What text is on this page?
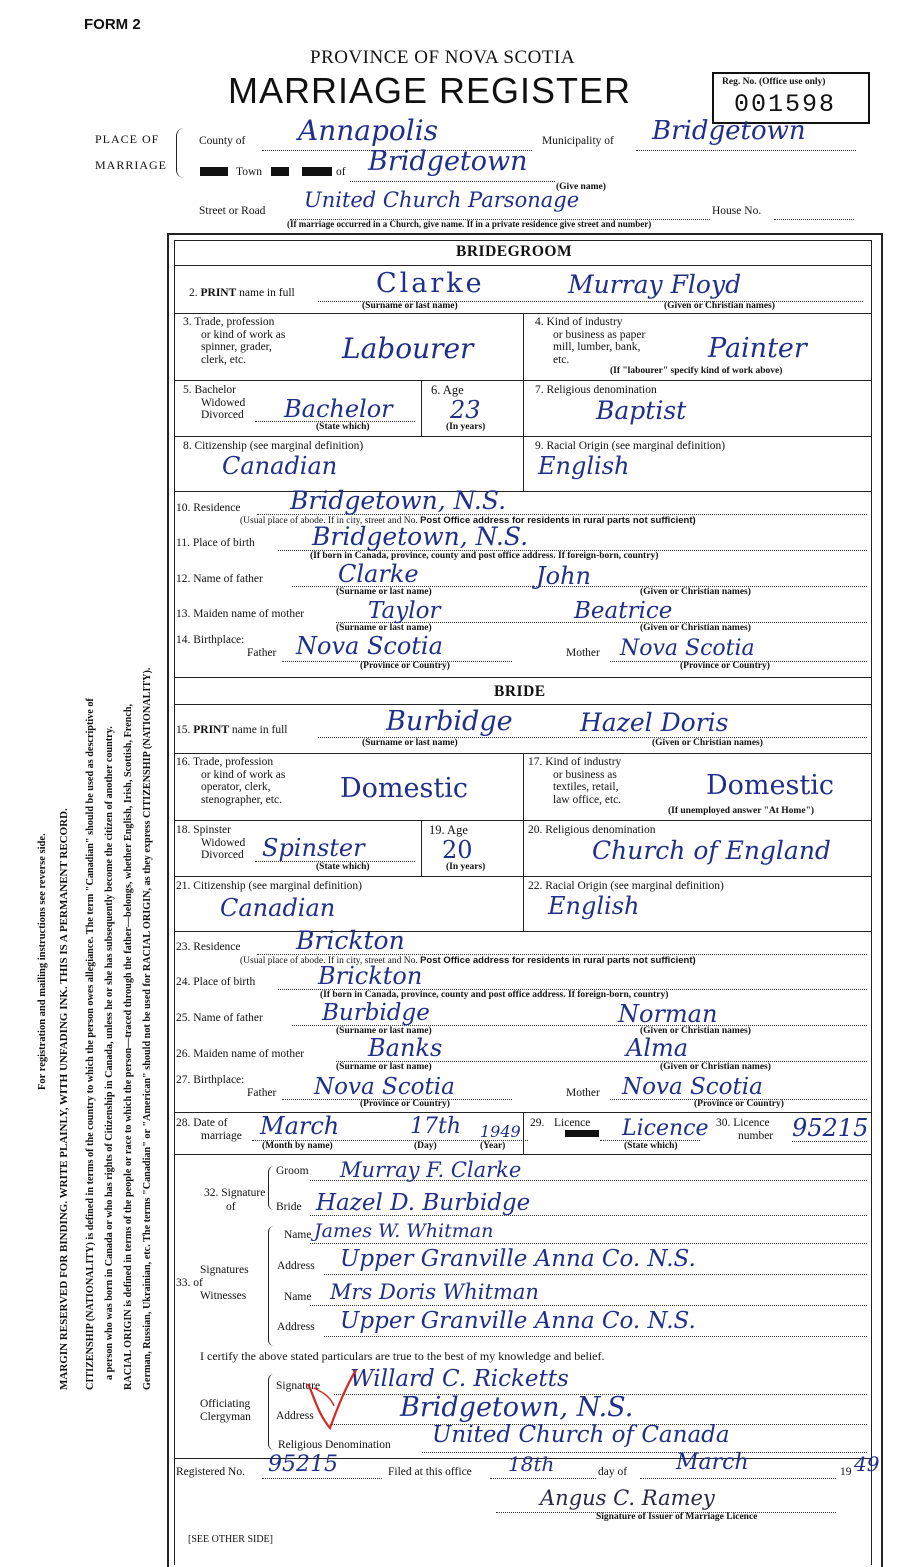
FORM 2
PROVINCE OF NOVA SCOTIA
MARRIAGE REGISTER	Reg. No. (Office use only)
001598
PLACE OF
MARRIAGE
County of Annapolis	Municipality of Bridgetown
Town	of Bridgetown
(Give name)
Street or Road United Church Parsonage	House No.
(If marriage occurred in a Church, give name. If in a private residence give street and number)
For registration and mailing instructions see reverse side. MARGIN RESERVED FOR BINDING. WRITE PLAINLY, WITH UNFADING INK. THIS IS A PERMANENT RECORD. CITIZENSHIP (NATIONALITY) is defined in terms of the country to which the person owes allegiance. The term "Canadian" should be used as descriptive of a person who was born in Canada or who has rights of Citizenship in Canada, unless he or she has subsequently become the citizen of another country. RACIAL ORIGIN is defined in terms of the people or race to which the person—traced through the father—belongs, whether English, Irish, Scottish, French, German, Russian, Ukrainian, etc. The terms "Canadian" or "American" should not be used for RACIAL ORIGIN, as they express CITIZENSHIP (NATIONALITY).
BRIDEGROOM
2. PRINT name in full	Clarke	Murray Floyd
(Surname or last name)	(Given or Christian names)
3. Trade, profession
or kind of work as
spinner, grader,
clerk, etc.	Labourer
4. Kind of industry
or business as paper
mill, lumber, bank,
etc.	Painter
(If "labourer" specify kind of work above)
5. Bachelor
Widowed
Divorced Bachelor
(State which)
6. Age
23
(In years)
7. Religious denomination
Baptist
8. Citizenship (see marginal definition)
Canadian
9. Racial Origin (see marginal definition)
English
10. Residence Bridgetown, N.S.
(Usual place of abode. If in city, street and No. Post Office address for residents in rural parts not sufficient)
11. Place of birth Bridgetown, N.S.
(If born in Canada, province, county and post office address. If foreign-born, country)
12. Name of father	Clarke	John
(Surname or last name)	(Given or Christian names)
13. Maiden name of mother	Taylor	Beatrice
(Surname or last name)	(Given or Christian names)
14. Birthplace:
Father Nova Scotia
(Province or Country)
Mother Nova Scotia
(Province or Country)
BRIDE
15. PRINT name in full	Burbidge	Hazel Doris
(Surname or last name)	(Given or Christian names)
16. Trade, profession
or kind of work as
operator, clerk,
stenographer, etc. Domestic
17. Kind of industry
or business as
textiles, retail,
law office, etc.	Domestic
(If unemployed answer "At Home")
18. Spinster
Widowed
Divorced Spinster
(State which)
19. Age
20
(In years)
20. Religious denomination
Church of England
21. Citizenship (see marginal definition)
Canadian
22. Racial Origin (see marginal definition)
English
23. Residence Brickton
(Usual place of abode. If in city, street and No. Post Office address for residents in rural parts not sufficient)
24. Place of birth	Brickton
(If born in Canada, province, county and post office address. If foreign-born, country)
25. Name of father	Burbidge	Norman
(Surname or last name)	(Given or Christian names)
26. Maiden name of mother	Banks	Alma
(Surname or last name)	(Given or Christian names)
27. Birthplace:
Father Nova Scotia
(Province or Country)
Mother Nova Scotia
(Province or Country)
28. Date of
marriage March	17th 1949
(Month by name)	(Day)	(Year)
29. Licence Licence
(State which)
30. Licence
number 95215
32. Signature
of
Groom Murray F. Clarke
Bride Hazel D. Burbidge
Signatures
33. of
Witnesses
Name James W. Whitman
Address Upper Granville Anna Co. N.S.
Name Mrs Doris Whitman
Address Upper Granville Anna Co. N.S.
I certify the above stated particulars are true to the best of my knowledge and belief.
Officiating
Clergyman
Signature Willard C. Ricketts
Address	Bridgetown, N.S.
Religious Denomination United Church of Canada
Registered No. 95215	Filed at this office 18th	day of March	19 49
Angus C. Ramey
Signature of Issuer of Marriage Licence
[SEE OTHER SIDE]
